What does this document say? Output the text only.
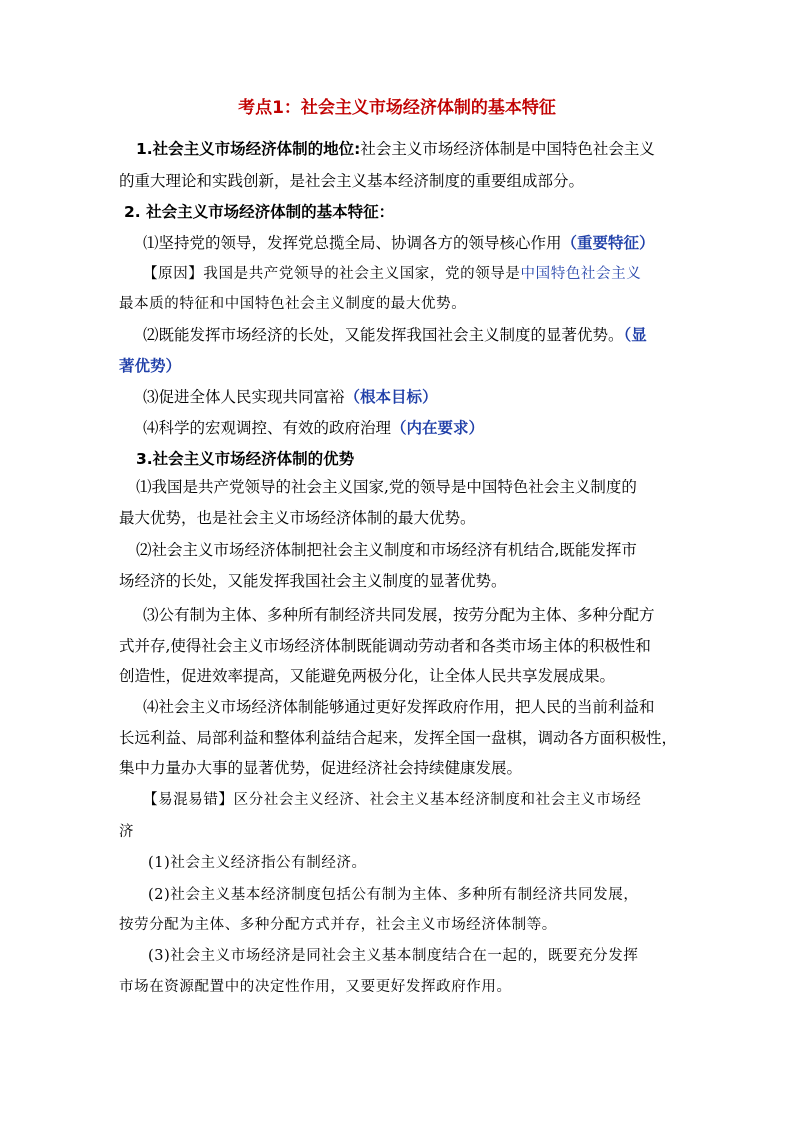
考点1：社会主义市场经济体制的基本特征
1.社会主义市场经济体制的地位:社会主义市场经济体制是中国特色社会主义
的重大理论和实践创新，是社会主义基本经济制度的重要组成部分。
2. 社会主义市场经济体制的基本特征：
⑴坚持党的领导，发挥党总揽全局、协调各方的领导核心作用（重要特征）
【原因】我国是共产党领导的社会主义国家，党的领导是中国特色社会主义
最本质的特征和中国特色社会主义制度的最大优势。
⑵既能发挥市场经济的长处，又能发挥我国社会主义制度的显著优势。（显
著优势）
⑶促进全体人民实现共同富裕（根本目标）
⑷科学的宏观调控、有效的政府治理（内在要求）
3.社会主义市场经济体制的优势
⑴我国是共产党领导的社会主义国家,党的领导是中国特色社会主义制度的
最大优势，也是社会主义市场经济体制的最大优势。
⑵社会主义市场经济体制把社会主义制度和市场经济有机结合,既能发挥市
场经济的长处，又能发挥我国社会主义制度的显著优势。
⑶公有制为主体、多种所有制经济共同发展，按劳分配为主体、多种分配方
式并存,使得社会主义市场经济体制既能调动劳动者和各类市场主体的积极性和
创造性，促进效率提高，又能避免两极分化，让全体人民共享发展成果。
⑷社会主义市场经济体制能够通过更好发挥政府作用，把人民的当前利益和
长远利益、局部利益和整体利益结合起来，发挥全国一盘棋，调动各方面积极性，
集中力量办大事的显著优势，促进经济社会持续健康发展。
【易混易错】区分社会主义经济、社会主义基本经济制度和社会主义市场经
济
(1)社会主义经济指公有制经济。
(2)社会主义基本经济制度包括公有制为主体、多种所有制经济共同发展，
按劳分配为主体、多种分配方式并存，社会主义市场经济体制等。
(3)社会主义市场经济是同社会主义基本制度结合在一起的，既要充分发挥
市场在资源配置中的决定性作用，又要更好发挥政府作用。
